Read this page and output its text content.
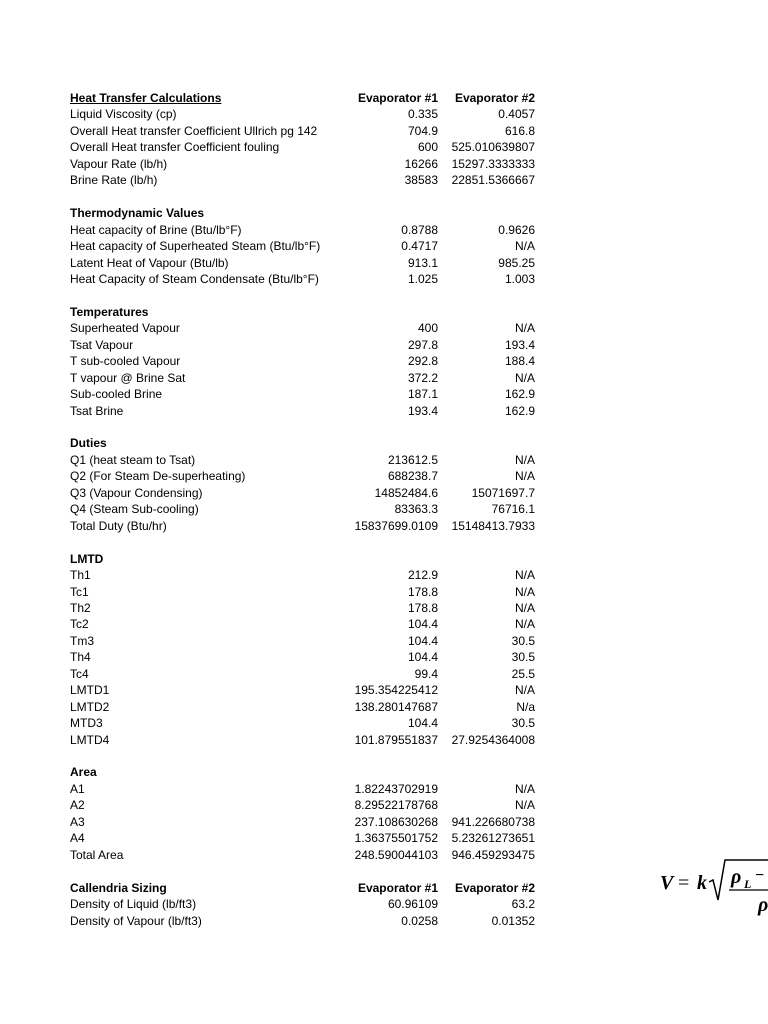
Heat Transfer Calculations	Evaporator #1 Evaporator #2
Liquid Viscosity (cp)	0.335	0.4057
Overall Heat transfer Coefficient Ullrich pg 142	704.9	616.8
Overall Heat transfer Coefficient fouling	600 525.010639807
Vapour Rate (lb/h)	16266 15297.3333333
Brine Rate (lb/h)	38583 22851.5366667
Thermodynamic Values
Heat capacity of Brine (Btu/lb°F)	0.8788	0.9626
Heat capacity of Superheated Steam (Btu/lb°F)	0.4717	N/A
Latent Heat of Vapour (Btu/lb)	913.1	985.25
Heat Capacity of Steam Condensate (Btu/lb°F)	1.025	1.003
Temperatures
Superheated Vapour	400	N/A
Tsat Vapour	297.8	193.4
T sub-cooled Vapour	292.8	188.4
T vapour @ Brine Sat	372.2	N/A
Sub-cooled Brine	187.1	162.9
Tsat Brine	193.4	162.9
Duties
Q1 (heat steam to Tsat)	213612.5	N/A
Q2 (For Steam De-superheating)	688238.7	N/A
Q3 (Vapour Condensing)	14852484.6	15071697.7
Q4 (Steam Sub-cooling)	83363.3	76716.1
Total Duty (Btu/hr)	15837699.0109 15148413.7933
LMTD
Th1	212.9	N/A
Tc1	178.8	N/A
Th2	178.8	N/A
Tc2	104.4	N/A
Tm3	104.4	30.5
Th4	104.4	30.5
Tc4	99.4	25.5
LMTD1	195.354225412	N/A
LMTD2	138.280147687	N/a
MTD3	104.4	30.5
LMTD4	101.879551837 27.9254364008
Area
A1	1.82243702919	N/A
A2	8.29522178768	N/A
A3	237.108630268 941.226680738
A4	1.36375501752 5.23261273651
Total Area	248.590044103 946.459293475
Callendria Sizing	Evaporator #1 Evaporator #2
Density of Liquid (lb/ft3)	60.96109	63.2
Density of Vapour (lb/ft3)	0.0258	0.01352
V = k ρ L −
ρ
